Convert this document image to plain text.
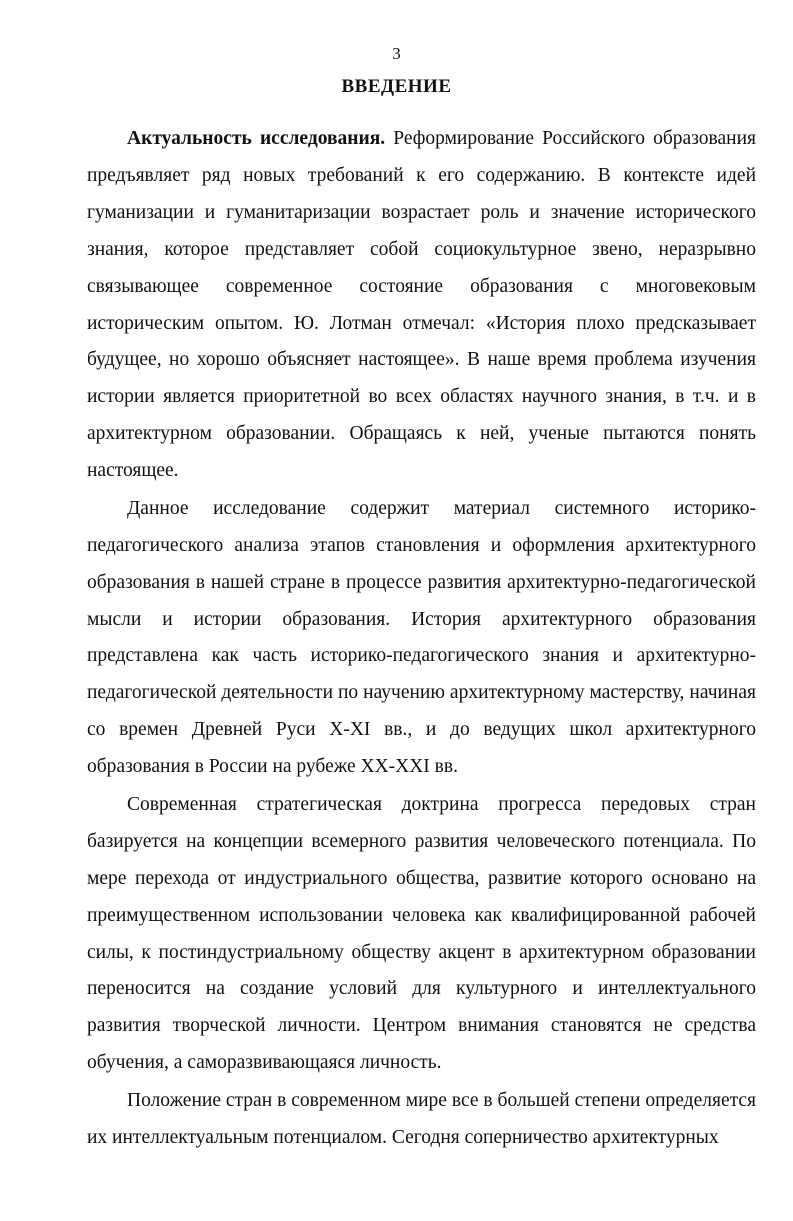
3
ВВЕДЕНИЕ

Актуальность исследования. Реформирование Российского образования предъявляет ряд новых требований к его содержанию. В контексте идей гуманизации и гуманитаризации возрастает роль и значение исторического знания, которое представляет собой социокультурное звено, неразрывно связывающее современное состояние образования с многовековым историческим опытом. Ю. Лотман отмечал: «История плохо предсказывает будущее, но хорошо объясняет настоящее». В наше время проблема изучения истории является приоритетной во всех областях научного знания, в т.ч. и в архитектурном образовании. Обращаясь к ней, ученые пытаются понять настоящее.

Данное исследование содержит материал системного историко-педагогического анализа этапов становления и оформления архитектурного образования в нашей стране в процессе развития архитектурно-педагогической мысли и истории образования. История архитектурного образования представлена как часть историко-педагогического знания и архитектурно-педагогической деятельности по научению архитектурному мастерству, начиная со времен Древней Руси X-XI вв., и до ведущих школ архитектурного образования в России на рубеже XX-XXI вв.

Современная стратегическая доктрина прогресса передовых стран базируется на концепции всемерного развития человеческого потенциала. По мере перехода от индустриального общества, развитие которого основано на преимущественном использовании человека как квалифицированной рабочей силы, к постиндустриальному обществу акцент в архитектурном образовании переносится на создание условий для культурного и интеллектуального развития творческой личности. Центром внимания становятся не средства обучения, а саморазвивающаяся личность.

Положение стран в современном мире все в большей степени определяется их интеллектуальным потенциалом. Сегодня соперничество архитектурных
